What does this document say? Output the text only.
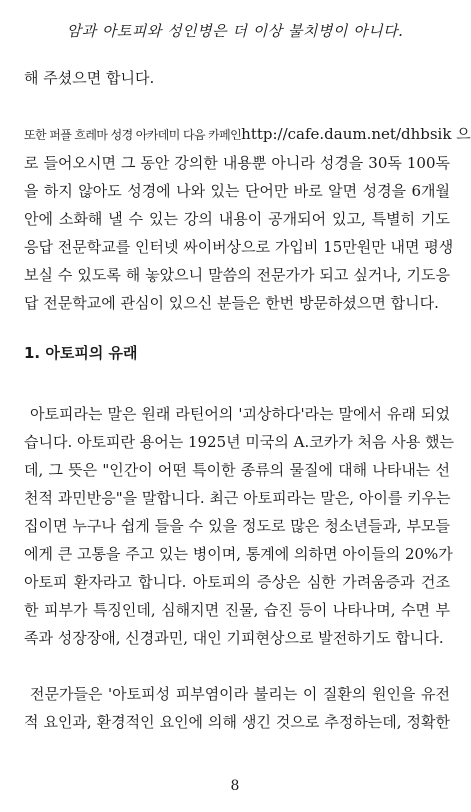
암과 아토피와 성인병은 더 이상 불치병이 아니다.

해 주셨으면 합니다.

또한 퍼플 흐레마 성경 아카데미 다음 카페인http://cafe.daum.net/dhbsik 으
로 들어오시면 그 동안 강의한 내용뿐 아니라 성경을 30독 100독
을 하지 않아도 성경에 나와 있는 단어만 바로 알면 성경을 6개월
안에 소화해 낼 수 있는 강의 내용이 공개되어 있고, 특별히 기도
응답 전문학교를 인터넷 싸이버상으로 가입비 15만원만 내면 평생
보실 수 있도록 해 놓았으니 말씀의 전문가가 되고 싶거나, 기도응
답 전문학교에 관심이 있으신 분들은 한번 방문하셨으면 합니다.

1. 아토피의 유래

아토피라는 말은 원래 라틴어의 '괴상하다'라는 말에서 유래 되었
습니다. 아토피란 용어는 1925년 미국의 A.코카가 처음 사용 했는
데, 그 뜻은 "인간이 어떤 특이한 종류의 물질에 대해 나타내는 선
천적 과민반응"을 말합니다. 최근 아토피라는 말은, 아이를 키우는
집이면 누구나 쉽게 들을 수 있을 정도로 많은 청소년들과, 부모들
에게 큰 고통을 주고 있는 병이며, 통계에 의하면 아이들의 20%가
아토피 환자라고 합니다. 아토피의 증상은 심한 가려움증과 건조
한 피부가 특징인데, 심해지면 진물, 습진 등이 나타나며, 수면 부
족과 성장장애, 신경과민, 대인 기피현상으로 발전하기도 합니다.

전문가들은 '아토피성 피부염이라 불리는 이 질환의 원인을 유전
적 요인과, 환경적인 요인에 의해 생긴 것으로 추정하는데, 정확한

8
